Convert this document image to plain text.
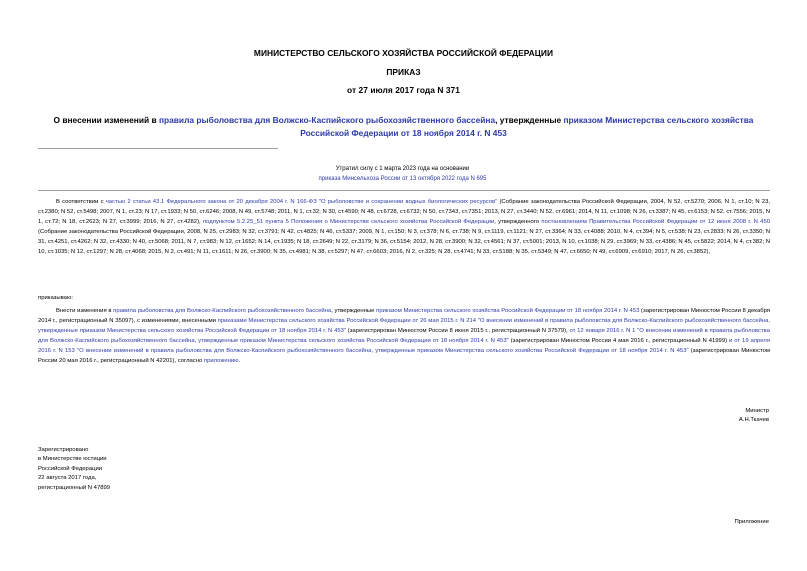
МИНИСТЕРСТВО СЕЛЬСКОГО ХОЗЯЙСТВА РОССИЙСКОЙ ФЕДЕРАЦИИ
ПРИКАЗ
от 27 июля 2017 года N 371
О внесении изменений в правила рыболовства для Волжско-Каспийского рыбохозяйственного бассейна, утвержденные приказом Министерства сельского хозяйства Российской Федерации от 18 ноября 2014 г. N 453
Утратил силу с 1 марта 2023 года на основании
приказа Минсельхоза России от 13 октября 2022 года N 695
В соответствии с частью 2 статьи 43.1 Федерального закона от 20 декабря 2004 г. N 166-ФЗ "О рыболовстве и сохранении водных биологических ресурсов" (Собрание законодательства Российской Федерации, 2004, N 52, ст.5270; 2006, N 1, ст.10; N 23, ст.2380; N 52, ст.5498; 2007, N 1, ст.23; N 17, ст.1933; N 50, ст.6246; 2008, N 49, ст.5748; 2011, N 1, ст.32; N 30, ст.4590; N 48, ст.6728, ст.6732; N 50, ст.7343, ст.7351; 2013, N 27, ст.3440; N 52, ст.6961; 2014, N 11, ст.1098; N 26, ст.3387; N 45, ст.6153; N 52, ст.7556; 2015, N 1, ст.72; N 18, ст.2623; N 27, ст.3999; 2016, N 27, ст.4282), подпунктом 5.2.25_51 пункта 5 Положения о Министерстве сельского хозяйства Российской Федерации, утвержденного постановлением Правительства Российской Федерации от 12 июня 2008 г. N 450 (Собрание законодательства Российской Федерации, 2008, N 25, ст.2983; N 32, ст.3791; N 42, ст.4825; N 46, ст.5337; 2009, N 1, ст.150; N 3, ст.378; N 6, ст.738; N 9, ст.1119, ст.1121; N 27, ст.3364; N 33, ст.4088; 2010, N 4, ст.394; N 5, ст.538; N 23, ст.2833; N 26, ст.3350; N 31, ст.4251, ст.4262; N 32, ст.4330; N 40, ст.5068; 2011, N 7, ст.983; N 12, ст.1652; N 14, ст.1935; N 18, ст.2649; N 22, ст.3179; N 36, ст.5154; 2012, N 28, ст.3900; N 32, ст.4561; N 37, ст.5001; 2013, N 10, ст.1038; N 29, ст.3969; N 33, ст.4386; N 45, ст.5822; 2014, N 4, ст.382; N 10, ст.1035; N 12, ст.1297; N 28, ст.4068; 2015, N 2, ст.491; N 11, ст.1611; N 26, ст.3900; N 35, ст.4981; N 38, ст.5297; N 47, ст.6603; 2016, N 2, ст.325; N 28, ст.4741; N 33, ст.5188; N 35, ст.5349; N 47, ст.6650; N 49, ст.6909, ст.6910; 2017, N 26, ст.3852),
приказываю:
Внести изменения в правила рыболовства для Волжско-Каспийского рыбохозяйственного бассейна, утвержденные приказом Министерства сельского хозяйства Российской Федерации от 18 ноября 2014 г. N 453 (зарегистрирован Минюстом России 8 декабря 2014 г., регистрационный N 35097), с изменениями, внесенными приказами Министерства сельского хозяйства Российской Федерации от 26 мая 2015 г. N 214 "О внесении изменений в правила рыболовства для Волжско-Каспийского рыбохозяйственного бассейна, утвержденные приказом Министерства сельского хозяйства Российской Федерации от 18 ноября 2014 г. N 453" (зарегистрирован Минюстом России 8 июня 2015 г., регистрационный N 37579), от 12 января 2016 г. N 1 "О внесении изменений в правила рыболовства для Волжско-Каспийского рыбохозяйственного бассейна, утвержденные приказом Министерства сельского хозяйства Российской Федерации от 18 ноября 2014 г. N 453" (зарегистрирован Минюстом России 4 мая 2016 г., регистрационный N 41999) и от 19 апреля 2016 г. N 153 "О внесении изменений в правила рыболовства для Волжско-Каспийского рыбохозяйственного бассейна, утвержденные приказом Министерства сельского хозяйства Российской Федерации от 18 ноября 2014 г. N 453" (зарегистрирован Минюстом России 20 мая 2016 г., регистрационный N 42201), согласно приложению.
Министр
А.Н.Ткачев
Зарегистрировано
в Министерстве юстиции
Российской Федерации
22 августа 2017 года,
регистрационный N 47899
Приложение
